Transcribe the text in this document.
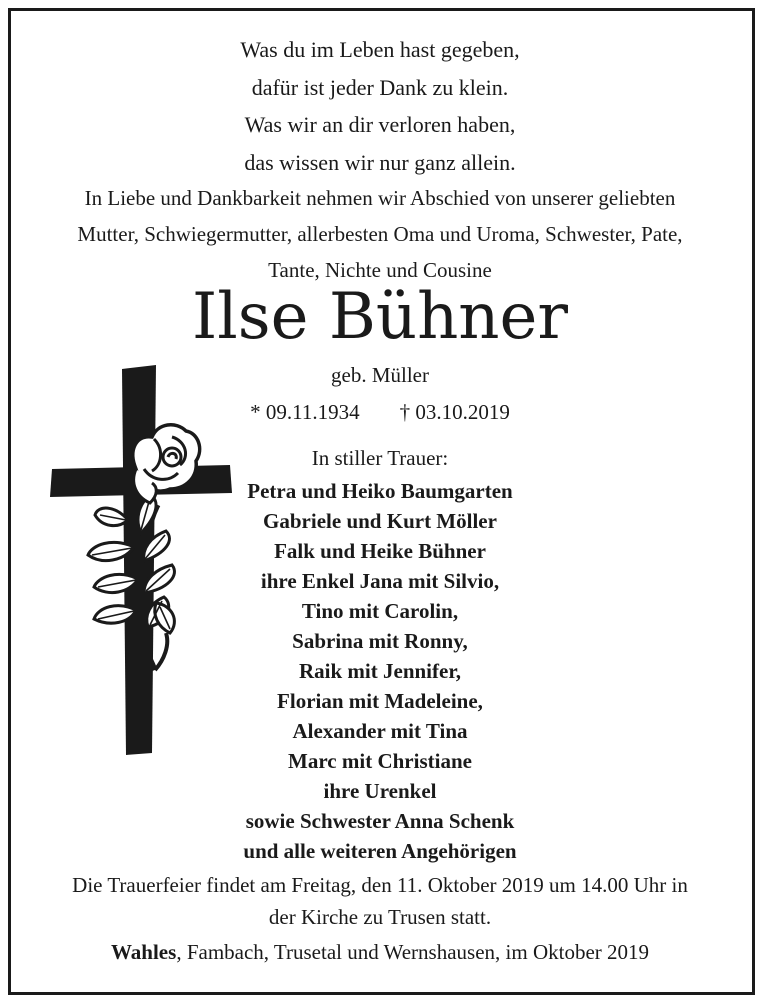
Was du im Leben hast gegeben,
dafür ist jeder Dank zu klein.
Was wir an dir verloren haben,
das wissen wir nur ganz allein.
In Liebe und Dankbarkeit nehmen wir Abschied von unserer geliebten
Mutter, Schwiegermutter, allerbesten Oma und Uroma, Schwester, Pate,
Tante, Nichte und Cousine
Ilse Bühner
geb. Müller
* 09.11.1934 † 03.10.2019
In stiller Trauer:
Petra und Heiko Baumgarten
Gabriele und Kurt Möller
Falk und Heike Bühner
ihre Enkel Jana mit Silvio,
Tino mit Carolin,
Sabrina mit Ronny,
Raik mit Jennifer,
Florian mit Madeleine,
Alexander mit Tina
Marc mit Christiane
ihre Urenkel
sowie Schwester Anna Schenk
und alle weiteren Angehörigen
Die Trauerfeier findet am Freitag, den 11. Oktober 2019 um 14.00 Uhr in
der Kirche zu Trusen statt.
Wahles, Fambach, Trusetal und Wernshausen, im Oktober 2019
